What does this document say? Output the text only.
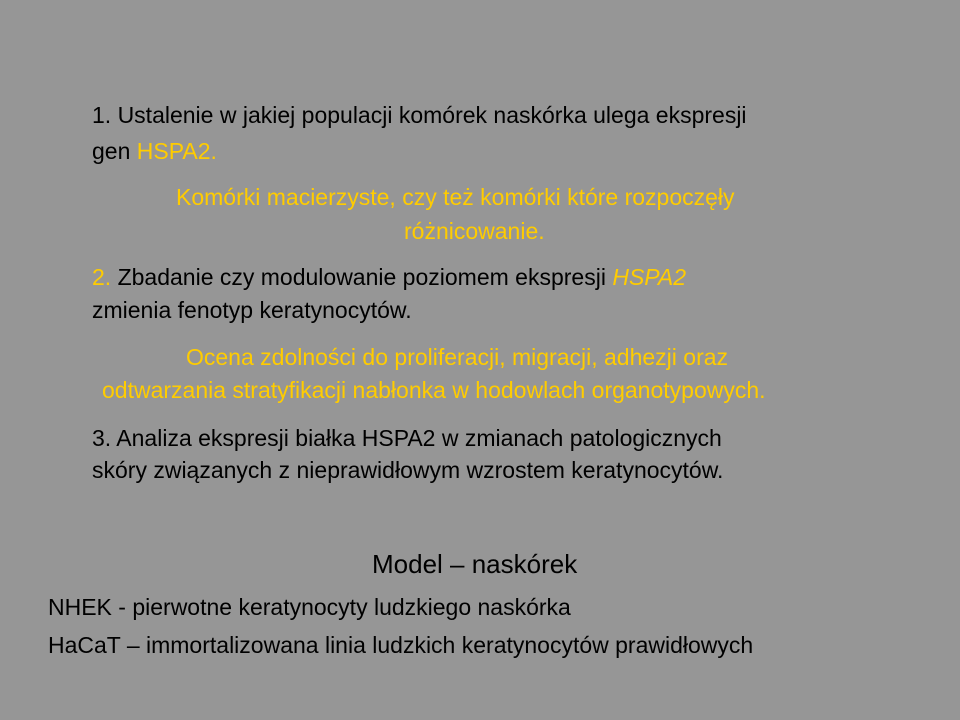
1. Ustalenie w jakiej populacji komórek naskórka ulega ekspresji
gen HSPA2.
Komórki macierzyste, czy też komórki które rozpoczęły
różnicowanie.
2. Zbadanie czy modulowanie poziomem ekspresji HSPA2
zmienia fenotyp keratynocytów.
Ocena zdolności do proliferacji, migracji, adhezji oraz
odtwarzania stratyfikacji nabłonka w hodowlach organotypowych.
3. Analiza ekspresji białka HSPA2 w zmianach patologicznych
skóry związanych z nieprawidłowym wzrostem keratynocytów.
Model – naskórek
NHEK - pierwotne keratynocyty ludzkiego naskórka
HaCaT – immortalizowana linia ludzkich keratynocytów prawidłowych
